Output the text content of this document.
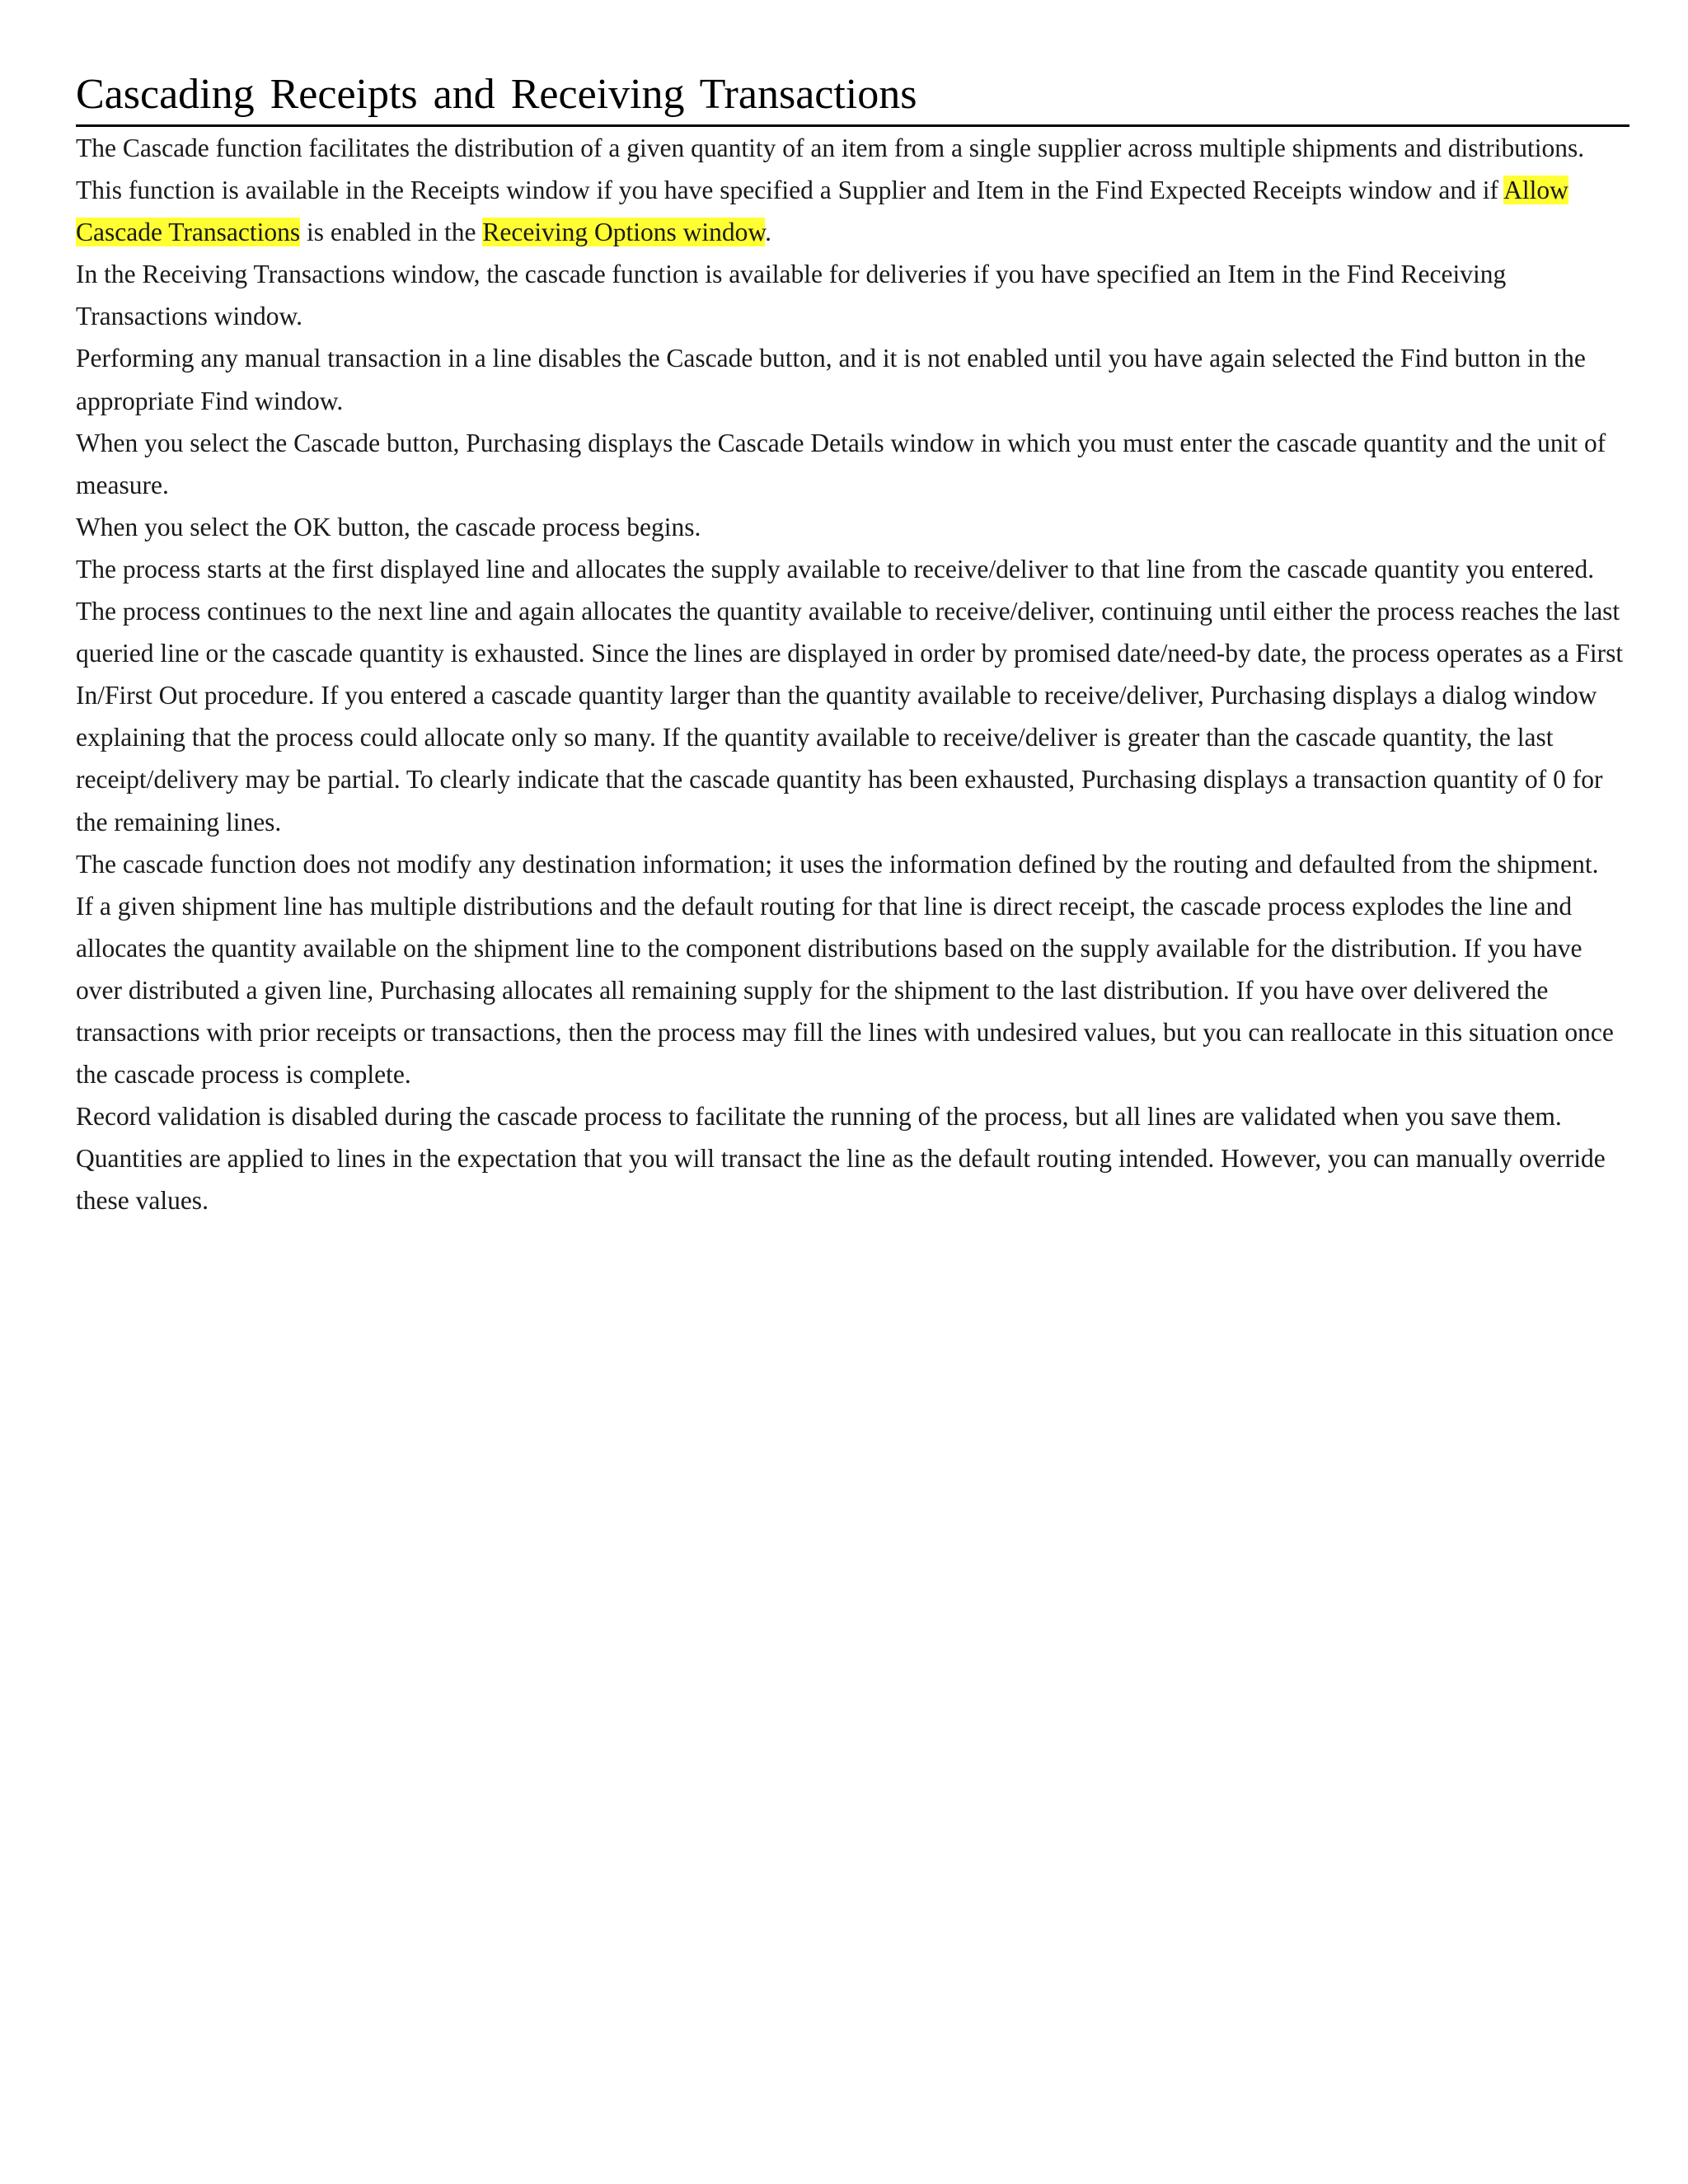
Cascading Receipts and Receiving Transactions

The Cascade function facilitates the distribution of a given quantity of an item from a single supplier across multiple shipments and distributions. This function is available in the Receipts window if you have specified a Supplier and Item in the Find Expected Receipts window and if Allow Cascade Transactions is enabled in the Receiving Options window.

In the Receiving Transactions window, the cascade function is available for deliveries if you have specified an Item in the Find Receiving Transactions window.

Performing any manual transaction in a line disables the Cascade button, and it is not enabled until you have again selected the Find button in the appropriate Find window.

When you select the Cascade button, Purchasing displays the Cascade Details window in which you must enter the cascade quantity and the unit of measure.

When you select the OK button, the cascade process begins.

The process starts at the first displayed line and allocates the supply available to receive/deliver to that line from the cascade quantity you entered.

The process continues to the next line and again allocates the quantity available to receive/deliver, continuing until either the process reaches the last queried line or the cascade quantity is exhausted. Since the lines are displayed in order by promised date/need-by date, the process operates as a First In/First Out procedure. If you entered a cascade quantity larger than the quantity available to receive/deliver, Purchasing displays a dialog window explaining that the process could allocate only so many. If the quantity available to receive/deliver is greater than the cascade quantity, the last receipt/delivery may be partial. To clearly indicate that the cascade quantity has been exhausted, Purchasing displays a transaction quantity of 0 for the remaining lines.

The cascade function does not modify any destination information; it uses the information defined by the routing and defaulted from the shipment.

If a given shipment line has multiple distributions and the default routing for that line is direct receipt, the cascade process explodes the line and allocates the quantity available on the shipment line to the component distributions based on the supply available for the distribution. If you have over distributed a given line, Purchasing allocates all remaining supply for the shipment to the last distribution. If you have over delivered the transactions with prior receipts or transactions, then the process may fill the lines with undesired values, but you can reallocate in this situation once the cascade process is complete.

Record validation is disabled during the cascade process to facilitate the running of the process, but all lines are validated when you save them. Quantities are applied to lines in the expectation that you will transact the line as the default routing intended. However, you can manually override these values.
